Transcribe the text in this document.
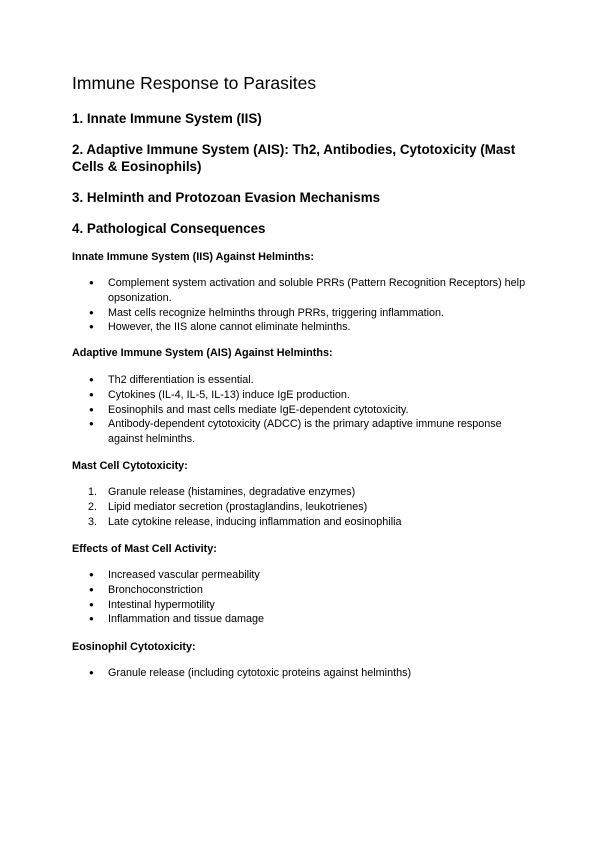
Immune Response to Parasites
1. Innate Immune System (IIS)
2. Adaptive Immune System (AIS): Th2, Antibodies, Cytotoxicity (Mast Cells & Eosinophils)
3. Helminth and Protozoan Evasion Mechanisms
4. Pathological Consequences
Innate Immune System (IIS) Against Helminths:
● Complement system activation and soluble PRRs (Pattern Recognition Receptors) help opsonization.
● Mast cells recognize helminths through PRRs, triggering inflammation.
● However, the IIS alone cannot eliminate helminths.
Adaptive Immune System (AIS) Against Helminths:
● Th2 differentiation is essential.
● Cytokines (IL-4, IL-5, IL-13) induce IgE production.
● Eosinophils and mast cells mediate IgE-dependent cytotoxicity.
● Antibody-dependent cytotoxicity (ADCC) is the primary adaptive immune response against helminths.
Mast Cell Cytotoxicity:
1. Granule release (histamines, degradative enzymes)
2. Lipid mediator secretion (prostaglandins, leukotrienes)
3. Late cytokine release, inducing inflammation and eosinophilia
Effects of Mast Cell Activity:
● Increased vascular permeability
● Bronchoconstriction
● Intestinal hypermotility
● Inflammation and tissue damage
Eosinophil Cytotoxicity:
● Granule release (including cytotoxic proteins against helminths)
